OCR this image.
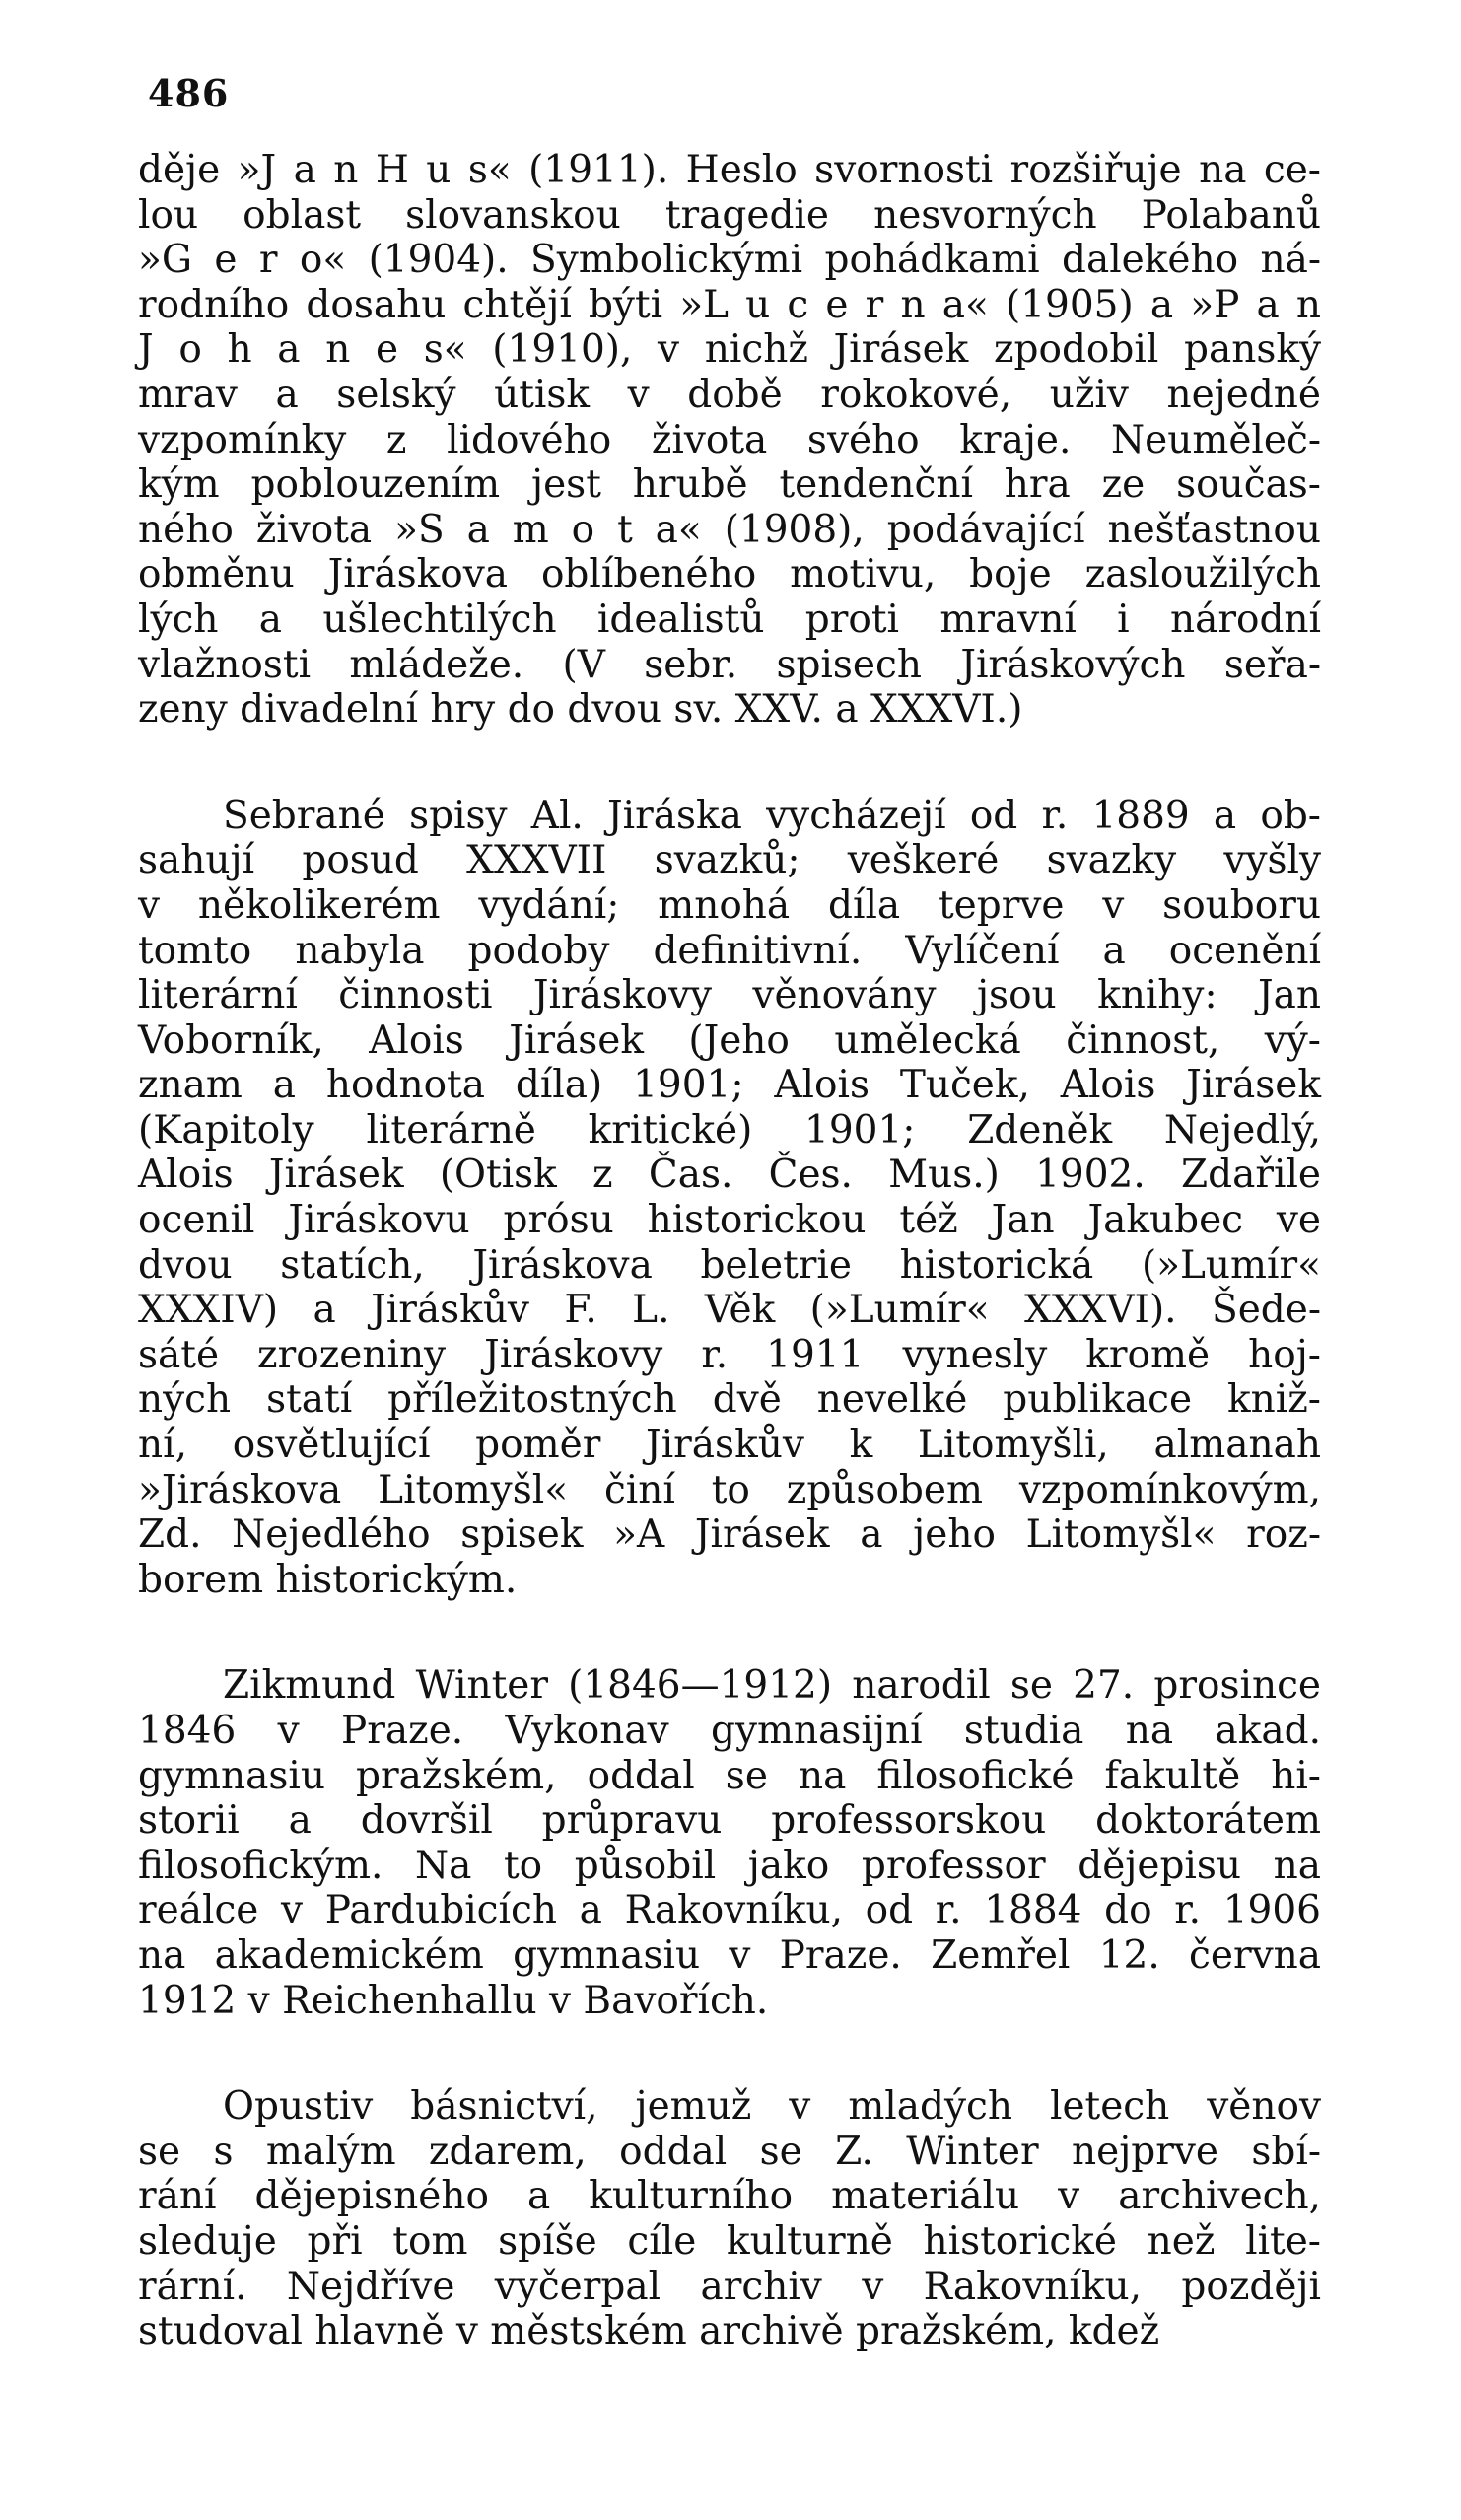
486

děje »J a n H u s« (1911). Heslo svornosti rozšiřuje na ce-
lou oblast slovanskou tragedie nesvorných Polabanů
»G e r o« (1904). Symbolickými pohádkami dalekého ná-
rodního dosahu chtějí býti »L u c e r n a« (1905) a »P a n
J o h a n e s« (1910), v nichž Jirásek zpodobil panský
mrav a selský útisk v době rokokové, uživ nejedné
vzpomínky z lidového života svého kraje. Neuměleč-
kým poblouzením jest hrubě tendenční hra ze součas-
ného života »S a m o t a« (1908), podávající nešťastnou
obměnu Jiráskova oblíbeného motivu, boje zasloužilých
lých a ušlechtilých idealistů proti mravní i národní
vlažnosti mládeže. (V sebr. spisech Jiráskových seřa-
zeny divadelní hry do dvou sv. XXV. a XXXVI.)

Sebrané spisy Al. Jiráska vycházejí od r. 1889 a ob-
sahují posud XXXVII svazků; veškeré svazky vyšly
v několikerém vydání; mnohá díla teprve v souboru
tomto nabyla podoby definitivní. Vylíčení a ocenění
literární činnosti Jiráskovy věnovány jsou knihy: Jan
Voborník, Alois Jirásek (Jeho umělecká činnost, vý-
znam a hodnota díla) 1901; Alois Tuček, Alois Jirásek
(Kapitoly literárně kritické) 1901; Zdeněk Nejedlý,
Alois Jirásek (Otisk z Čas. Čes. Mus.) 1902. Zdařile
ocenil Jiráskovu prósu historickou též Jan Jakubec ve
dvou statích, Jiráskova beletrie historická (»Lumír«
XXXIV) a Jiráskův F. L. Věk (»Lumír« XXXVI). Šede-
sáté zrozeniny Jiráskovy r. 1911 vynesly kromě hoj-
ných statí příležitostných dvě nevelké publikace kniž-
ní, osvětlující poměr Jiráskův k Litomyšli, almanah
»Jiráskova Litomyšl« činí to způsobem vzpomínkovým,
Zd. Nejedlého spisek »A Jirásek a jeho Litomyšl« roz-
borem historickým.

Zikmund Winter (1846—1912) narodil se 27. prosince
1846 v Praze. Vykonav gymnasijní studia na akad.
gymnasiu pražském, oddal se na filosofické fakultě hi-
storii a dovršil průpravu professorskou doktorátem
filosofickým. Na to působil jako professor dějepisu na
reálce v Pardubicích a Rakovníku, od r. 1884 do r. 1906
na akademickém gymnasiu v Praze. Zemřel 12. června
1912 v Reichenhallu v Bavořích.

Opustiv básnictví, jemuž v mladých letech věnov
se s malým zdarem, oddal se Z. Winter nejprve sbí-
rání dějepisného a kulturního materiálu v archivech,
sleduje při tom spíše cíle kulturně historické než lite-
rární. Nejdříve vyčerpal archiv v Rakovníku, později
studoval hlavně v městském archivě pražském, kdež
